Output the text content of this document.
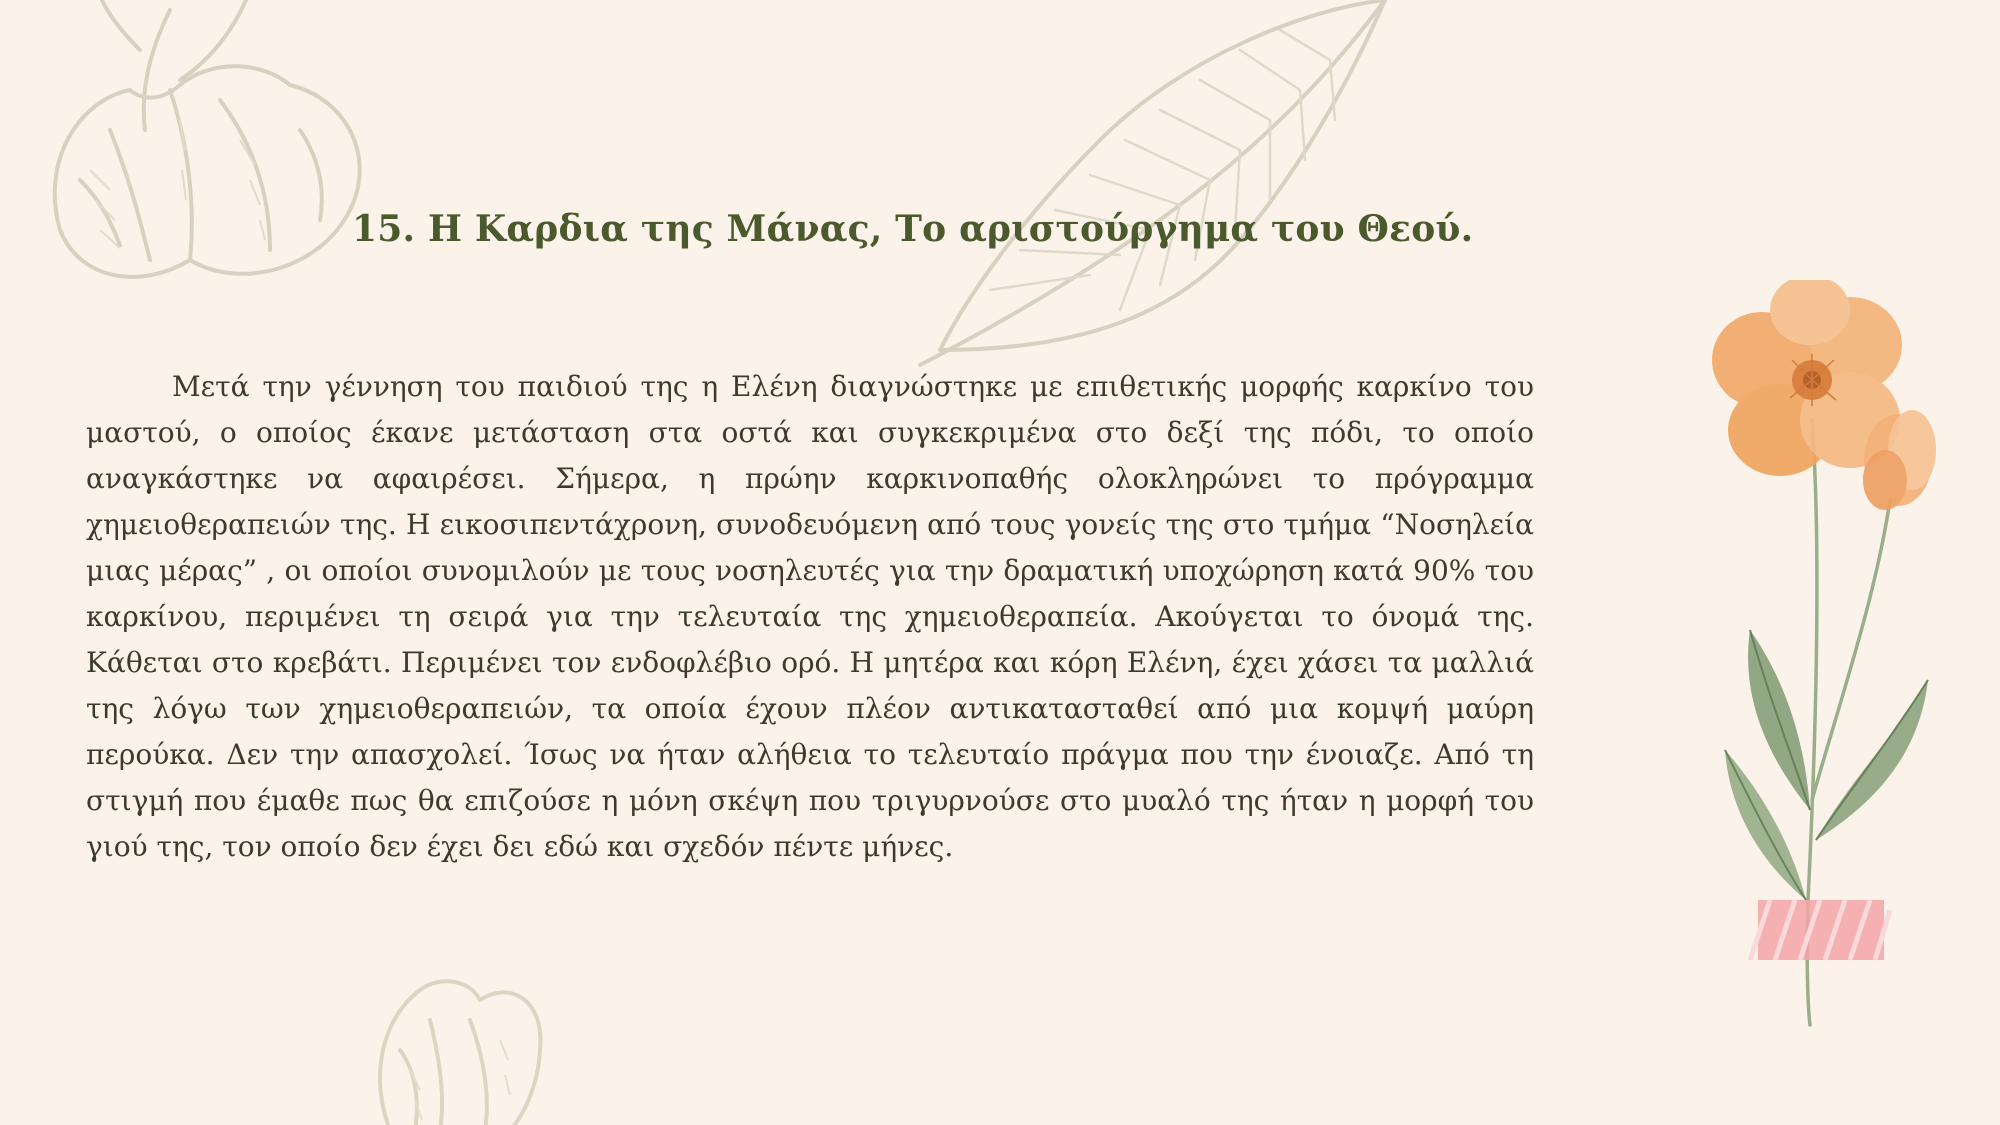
15. Η Καρδια της Μάνας, Το αριστούργημα του Θεού.

Μετά την γέννηση του παιδιού της η Ελένη διαγνώστηκε με επιθετικής μορφής καρκίνο του μαστού, ο οποίος έκανε μετάσταση στα οστά και συγκεκριμένα στο δεξί της πόδι, το οποίο αναγκάστηκε να αφαιρέσει. Σήμερα, η πρώην καρκινοπαθής ολοκληρώνει το πρόγραμμα χημειοθεραπειών της. Η εικοσιπεντάχρονη, συνοδευόμενη από τους γονείς της στο τμήμα “Νοσηλεία μιας μέρας” , οι οποίοι συνομιλούν με τους νοσηλευτές για την δραματική υποχώρηση κατά 90% του καρκίνου, περιμένει τη σειρά για την τελευταία της χημειοθεραπεία. Ακούγεται το όνομά της. Κάθεται στο κρεβάτι. Περιμένει τον ενδοφλέβιο ορό. Η μητέρα και κόρη Ελένη, έχει χάσει τα μαλλιά της λόγω των χημειοθεραπειών, τα οποία έχουν πλέον αντικατασταθεί από μια κομψή μαύρη περούκα. Δεν την απασχολεί. Ίσως να ήταν αλήθεια το τελευταίο πράγμα που την ένοιαζε. Από τη στιγμή που έμαθε πως θα επιζούσε η μόνη σκέψη που τριγυρνούσε στο μυαλό της ήταν η μορφή του γιού της, τον οποίο δεν έχει δει εδώ και σχεδόν πέντε μήνες.
